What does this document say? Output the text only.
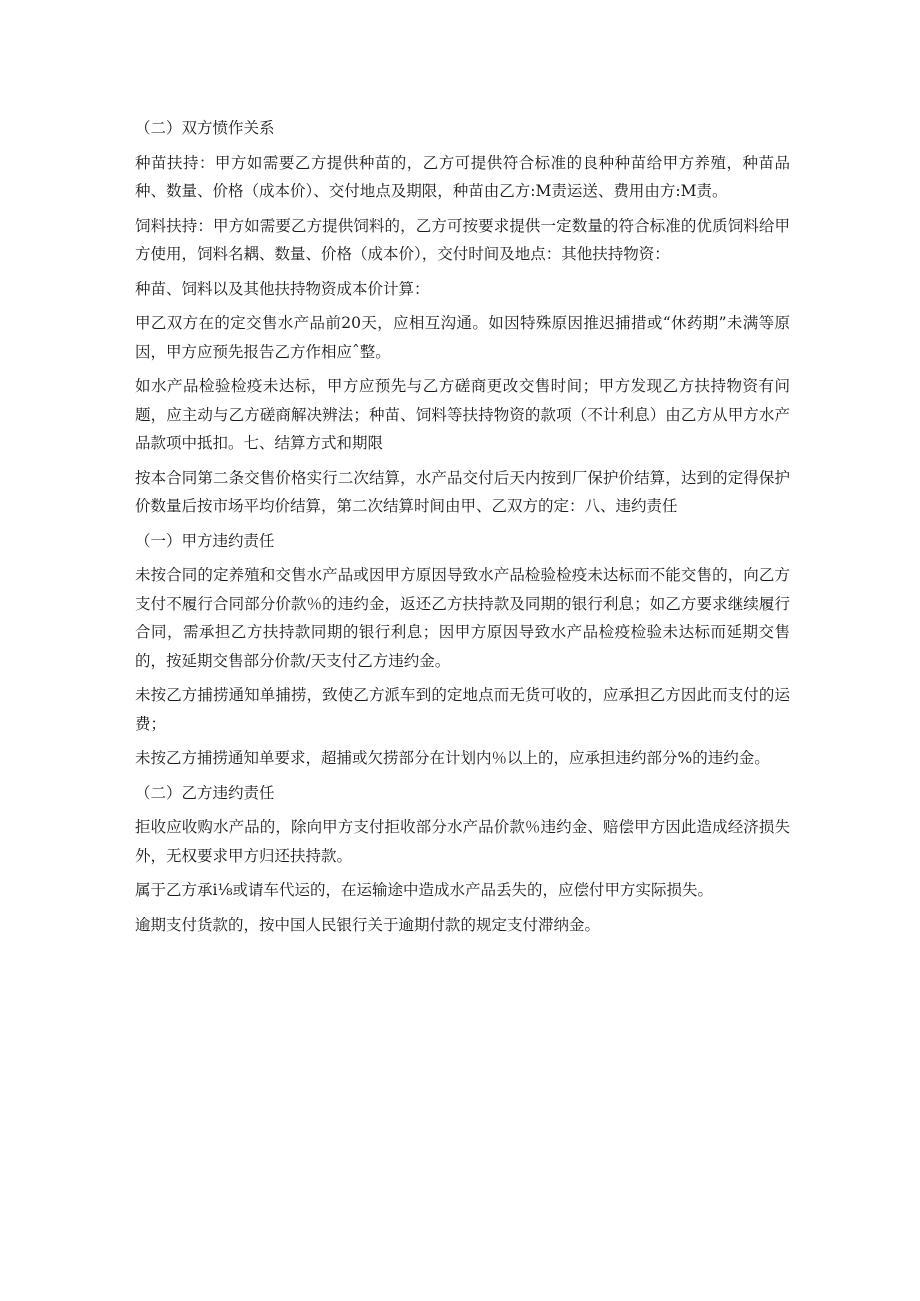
（二）双方愤作关系

种苗扶持：甲方如需要乙方提供种苗的，乙方可提供符合标准的良种种苗给甲方养殖，种苗品种、数量、价格（成本价）、交付地点及期限，种苗由乙方:M责运送、费用由方:M责。

饲料扶持：甲方如需要乙方提供饲料的，乙方可按要求提供一定数量的符合标准的优质饲料给甲方使用，饲料名耦、数量、价格（成本价），交付时间及地点：其他扶持物资：

种苗、饲料以及其他扶持物资成本价计算：

甲乙双方在的定交售水产品前20天，应相互沟通。如因特殊原因推迟捕措或“休药期”未满等原因，甲方应预先报告乙方作相应ˆ整。

如水产品检验检疫未达标，甲方应预先与乙方磋商更改交售时间；甲方发现乙方扶持物资有问题，应主动与乙方磋商解决辨法；种苗、饲料等扶持物资的款项（不计利息）由乙方从甲方水产品款项中抵扣。七、结算方式和期限

按本合同第二条交售价格实行二次结算，水产品交付后天内按到厂保护价结算，达到的定得保护价数量后按市场平均价结算，第二次结算时间由甲、乙双方的定：八、违约责任

（一）甲方违约责任

未按合同的定养殖和交售水产品或因甲方原因导致水产品检验检疫未达标而不能交售的，向乙方支付不履行合同部分价款％的违约金，返还乙方扶持款及同期的银行利息；如乙方要求继续履行合同，需承担乙方扶持款同期的银行利息；因甲方原因导致水产品检疫检验未达标而延期交售的，按延期交售部分价款/天支付乙方违约金。

未按乙方捕捞通知单捕捞，致使乙方派车到的定地点而无货可收的，应承担乙方因此而支付的运费；

未按乙方捕捞通知单要求，超捕或欠捞部分在计划内％以上的，应承担违约部分%的违约金。

（二）乙方违约责任

拒收应收购水产品的，除向甲方支付拒收部分水产品价款％违约金、赔偿甲方因此造成经济损失外，无权要求甲方归还扶持款。

属于乙方承i⅛或请车代运的，在运输途中造成水产品丢失的，应偿付甲方实际损失。

逾期支付货款的，按中国人民银行关于逾期付款的规定支付滞纳金。
